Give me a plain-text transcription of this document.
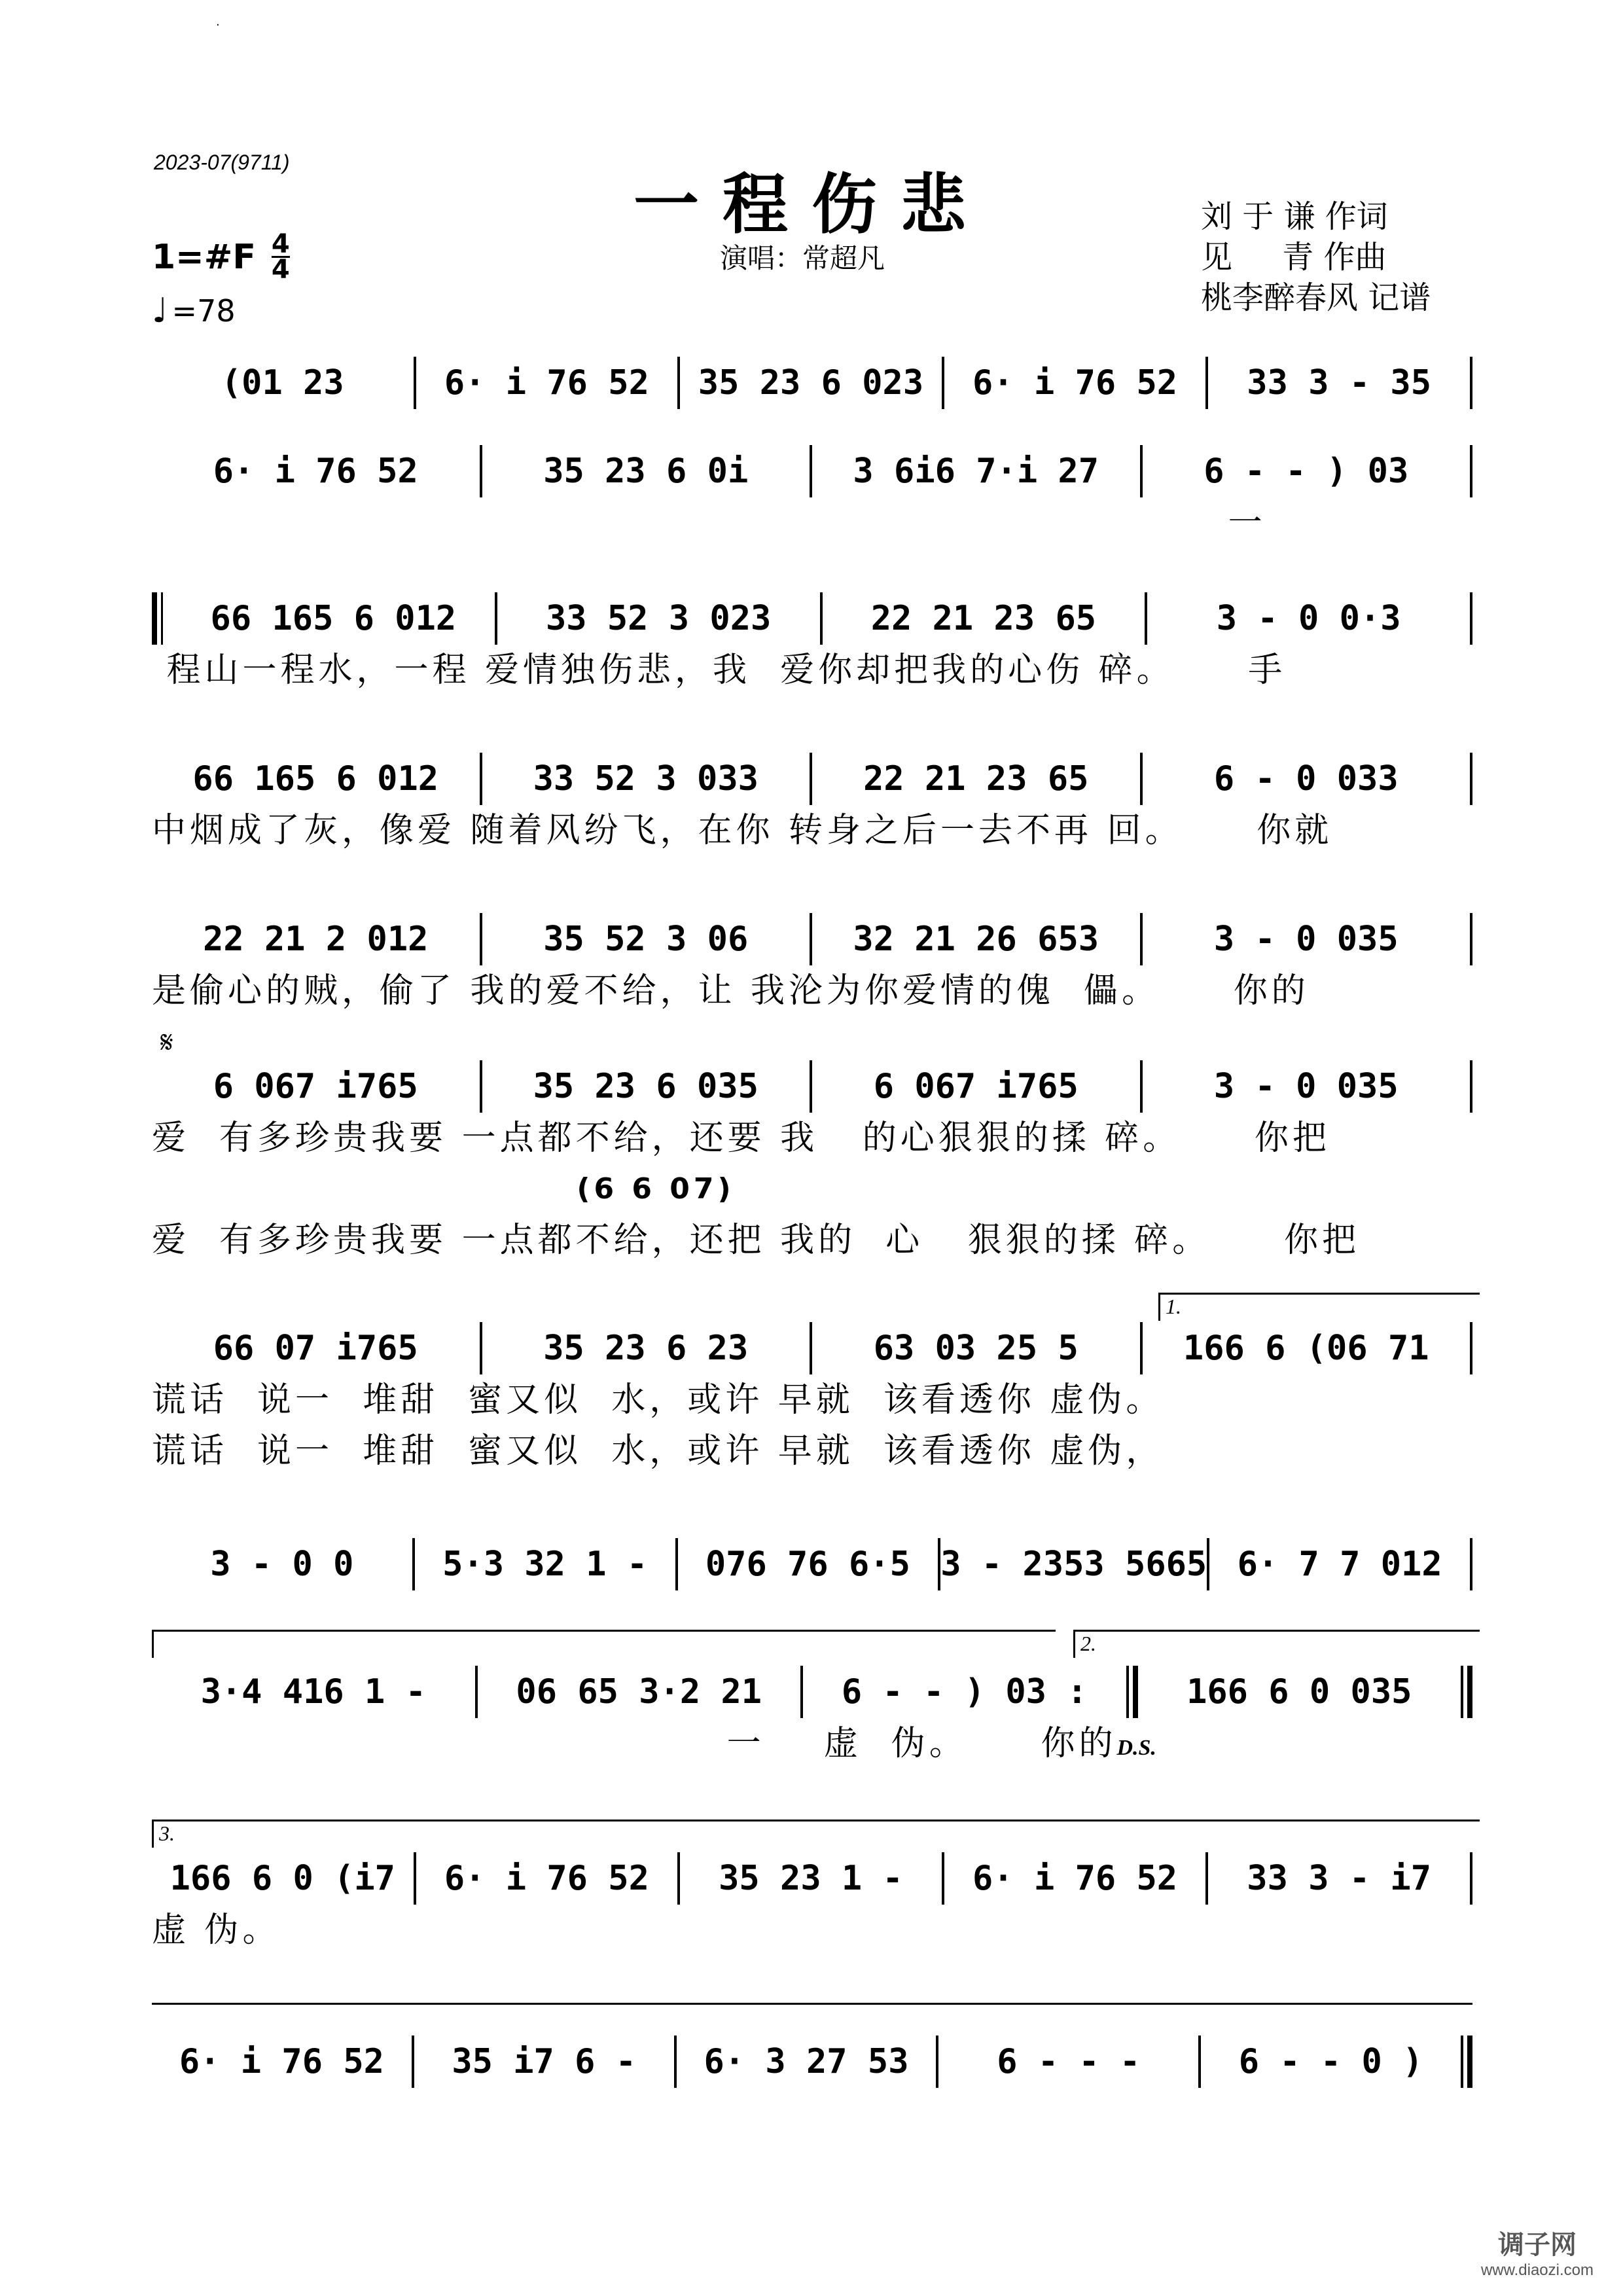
·
2023-07(9711)
一程伤悲
演唱：常超凡
刘 于 谦 作词
见     青 作曲
桃李醉春风 记谱
1=#F 4
4
♩ =78
(01 23	6· i 76 52	35 23 6 023	6· i 76 52	33 3 - 35
6· i 76 52	35 23 6 0i	3 6i6 7·i 27	6 - - ) 03
一
66 165 6 012	33 52 3 023	22 21 23 65	3 - 0 0·3
程山一程水，一程 爱情独伤悲，我  爱你却把我的心伤 碎。     手
66 165 6 012	33 52 3 033	22 21 23 65	6 - 0 033
中烟成了灰，像爱 随着风纷飞，在你 转身之后一去不再 回。     你就
22 21 2 012	35 52 3 06	32 21 26 653	3 - 0 035
是偷心的贼，偷了 我的爱不给，让 我沦为你爱情的傀  儡。     你的
𝄋
6 067 i765	35 23 6 035	6 067 i765	3 - 0 035
爱  有多珍贵我要 一点都不给，还要 我   的心狠狠的揉 碎。     你把
(6 6 07)
爱  有多珍贵我要 一点都不给，还把 我的  心   狠狠的揉 碎。     你把
1.
66 07 i765	35 23 6 23	63 03 25 5	166 6 (06 71
谎话  说一  堆甜  蜜又似  水，或许 早就  该看透你 虚伪。
谎话  说一  堆甜  蜜又似  水，或许 早就  该看透你 虚伪，
3 - 0 0	5·3 32 1 -	076 76 6·5 3 - 2353 5665 6· 7 7 012
2.
3·4 416 1 -	06 65 3·2 21	6 - - ) 03 :	166 6 0 035
一    虚  伪。     你的 D.S.
3.
166 6 0 (i7	6· i 76 52	35 23 1 -	6· i 76 52	33 3 - i7
虚 伪。
6· i 76 52	35 i7 6 -	6· 3 27 53	6 - - -	6 - - 0 )
调子网
www.diaozi.com
